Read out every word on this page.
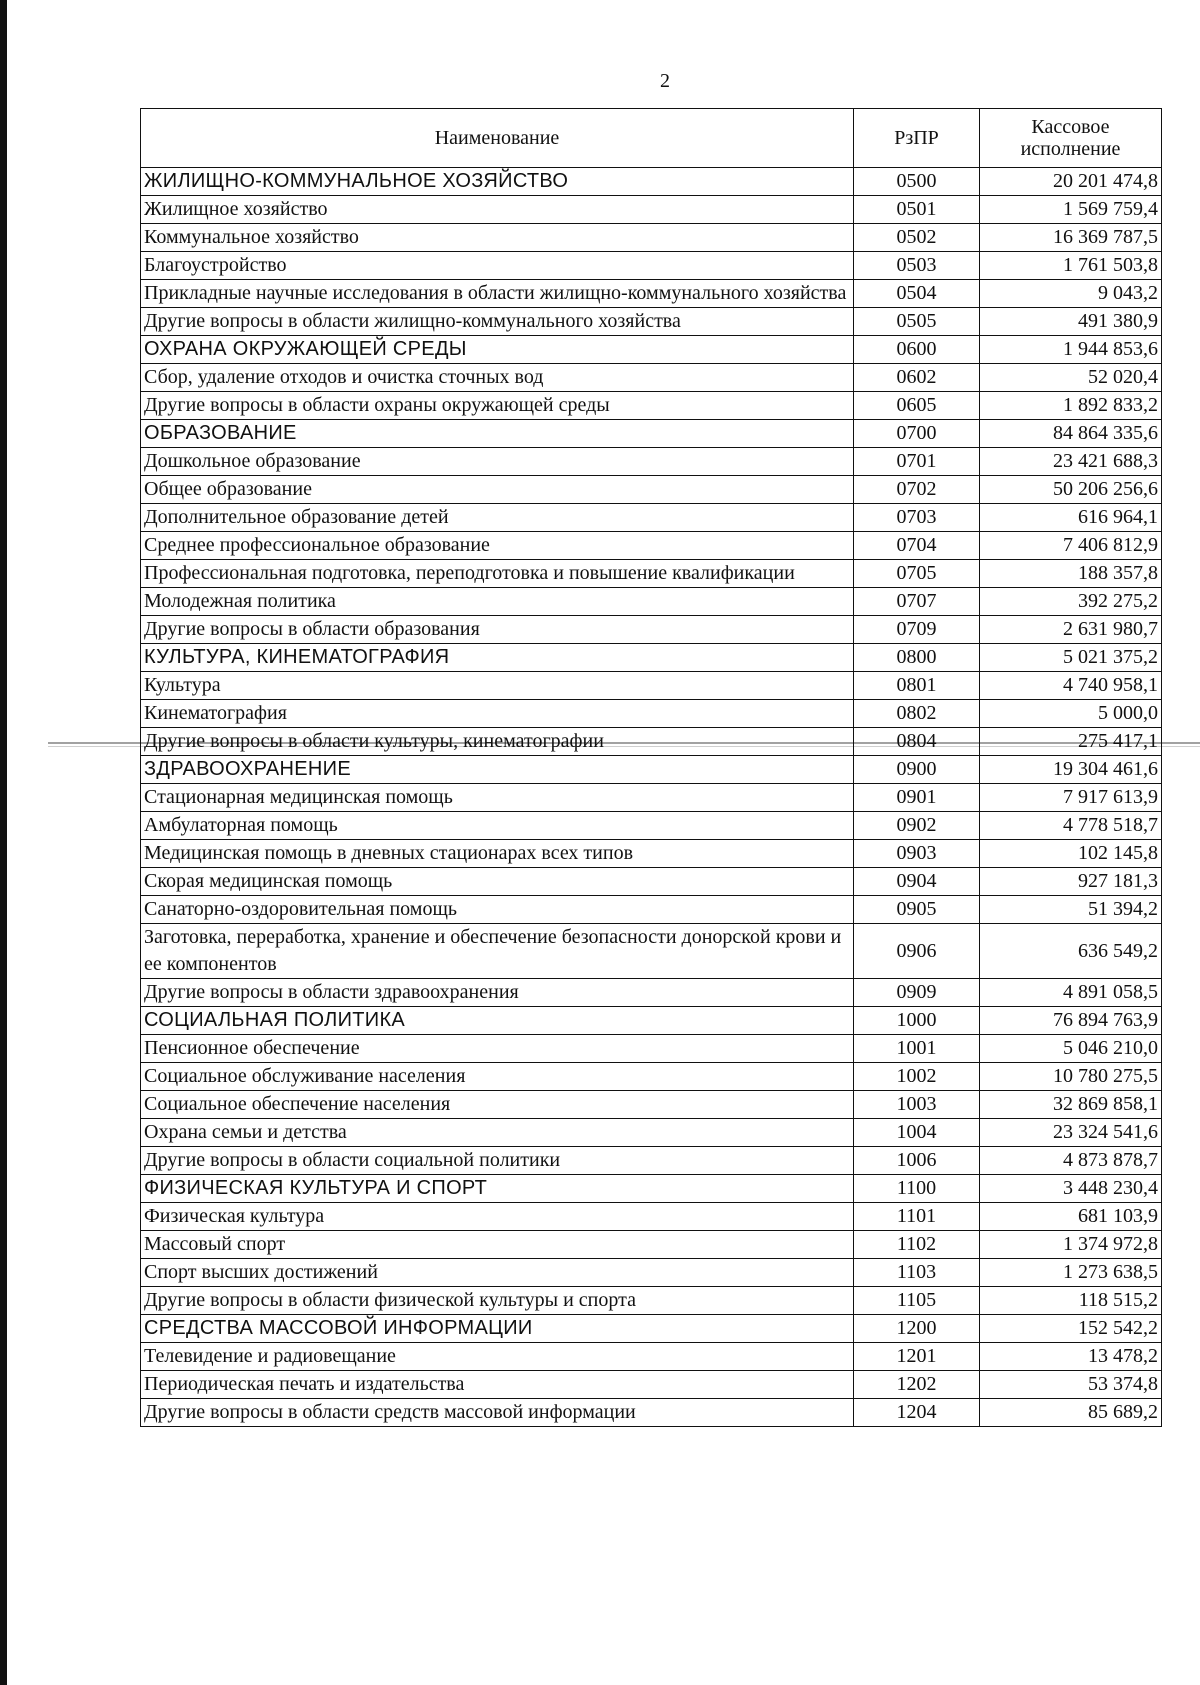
2
Наименование	РзПР	Кассовое
исполнение

ЖИЛИЩНО-КОММУНАЛЬНОЕ ХОЗЯЙСТВО	0500	20 201 474,8
Жилищное хозяйство	0501	1 569 759,4
Коммунальное хозяйство	0502	16 369 787,5
Благоустройство	0503	1 761 503,8
Прикладные научные исследования в области жилищно-коммунального хозяйства	0504	9 043,2
Другие вопросы в области жилищно-коммунального хозяйства	0505	491 380,9
ОХРАНА ОКРУЖАЮЩЕЙ СРЕДЫ	0600	1 944 853,6
Сбор, удаление отходов и очистка сточных вод	0602	52 020,4
Другие вопросы в области охраны окружающей среды	0605	1 892 833,2
ОБРАЗОВАНИЕ	0700	84 864 335,6
Дошкольное образование	0701	23 421 688,3
Общее образование	0702	50 206 256,6
Дополнительное образование детей	0703	616 964,1
Среднее профессиональное образование	0704	7 406 812,9
Профессиональная подготовка, переподготовка и повышение квалификации	0705	188 357,8
Молодежная политика	0707	392 275,2
Другие вопросы в области образования	0709	2 631 980,7
КУЛЬТУРА, КИНЕМАТОГРАФИЯ	0800	5 021 375,2
Культура	0801	4 740 958,1
Кинематография	0802	5 000,0
Другие вопросы в области культуры, кинематографии	0804	275 417,1
ЗДРАВООХРАНЕНИЕ	0900	19 304 461,6
Стационарная медицинская помощь	0901	7 917 613,9
Амбулаторная помощь	0902	4 778 518,7
Медицинская помощь в дневных стационарах всех типов	0903	102 145,8
Скорая медицинская помощь	0904	927 181,3
Санаторно-оздоровительная помощь	0905	51 394,2
Заготовка, переработка, хранение и обеспечение безопасности донорской крови и ее компонентов	0906	636 549,2
Другие вопросы в области здравоохранения	0909	4 891 058,5
СОЦИАЛЬНАЯ ПОЛИТИКА	1000	76 894 763,9
Пенсионное обеспечение	1001	5 046 210,0
Социальное обслуживание населения	1002	10 780 275,5
Социальное обеспечение населения	1003	32 869 858,1
Охрана семьи и детства	1004	23 324 541,6
Другие вопросы в области социальной политики	1006	4 873 878,7
ФИЗИЧЕСКАЯ КУЛЬТУРА И СПОРТ	1100	3 448 230,4
Физическая культура	1101	681 103,9
Массовый спорт	1102	1 374 972,8
Спорт высших достижений	1103	1 273 638,5
Другие вопросы в области физической культуры и спорта	1105	118 515,2
СРЕДСТВА МАССОВОЙ ИНФОРМАЦИИ	1200	152 542,2
Телевидение и радиовещание	1201	13 478,2
Периодическая печать и издательства	1202	53 374,8
Другие вопросы в области средств массовой информации	1204	85 689,2
